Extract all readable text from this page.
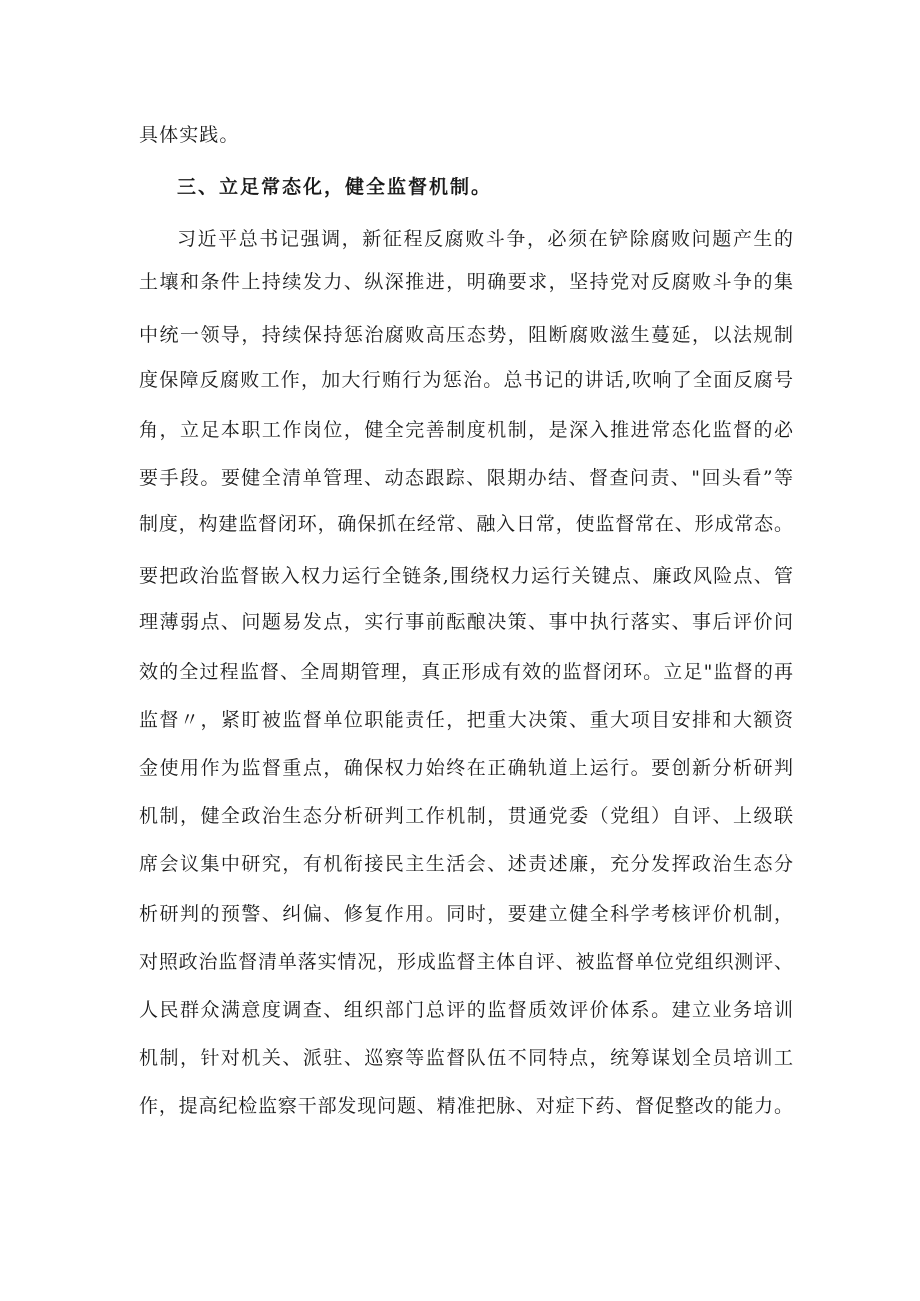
具体实践。
三、立足常态化，健全监督机制。
习近平总书记强调，新征程反腐败斗争，必须在铲除腐败问题产生的
土壤和条件上持续发力、纵深推进，明确要求，坚持党对反腐败斗争的集
中统一领导，持续保持惩治腐败高压态势，阻断腐败滋生蔓延，以法规制
度保障反腐败工作，加大行贿行为惩治。总书记的讲话,吹响了全面反腐号
角，立足本职工作岗位，健全完善制度机制，是深入推进常态化监督的必
要手段。要健全清单管理、动态跟踪、限期办结、督查问责、"回头看”等
制度，构建监督闭环，确保抓在经常、融入日常，使监督常在、形成常态。
要把政治监督嵌入权力运行全链条,围绕权力运行关键点、廉政风险点、管
理薄弱点、问题易发点，实行事前酝酿决策、事中执行落实、事后评价问
效的全过程监督、全周期管理，真正形成有效的监督闭环。立足"监督的再
监督〃，紧盯被监督单位职能责任，把重大决策、重大项目安排和大额资
金使用作为监督重点，确保权力始终在正确轨道上运行。要创新分析研判
机制，健全政治生态分析研判工作机制，贯通党委（党组）自评、上级联
席会议集中研究，有机衔接民主生活会、述责述廉，充分发挥政治生态分
析研判的预警、纠偏、修复作用。同时，要建立健全科学考核评价机制，
对照政治监督清单落实情况，形成监督主体自评、被监督单位党组织测评、
人民群众满意度调查、组织部门总评的监督质效评价体系。建立业务培训
机制，针对机关、派驻、巡察等监督队伍不同特点，统筹谋划全员培训工
作，提高纪检监察干部发现问题、精准把脉、对症下药、督促整改的能力。
